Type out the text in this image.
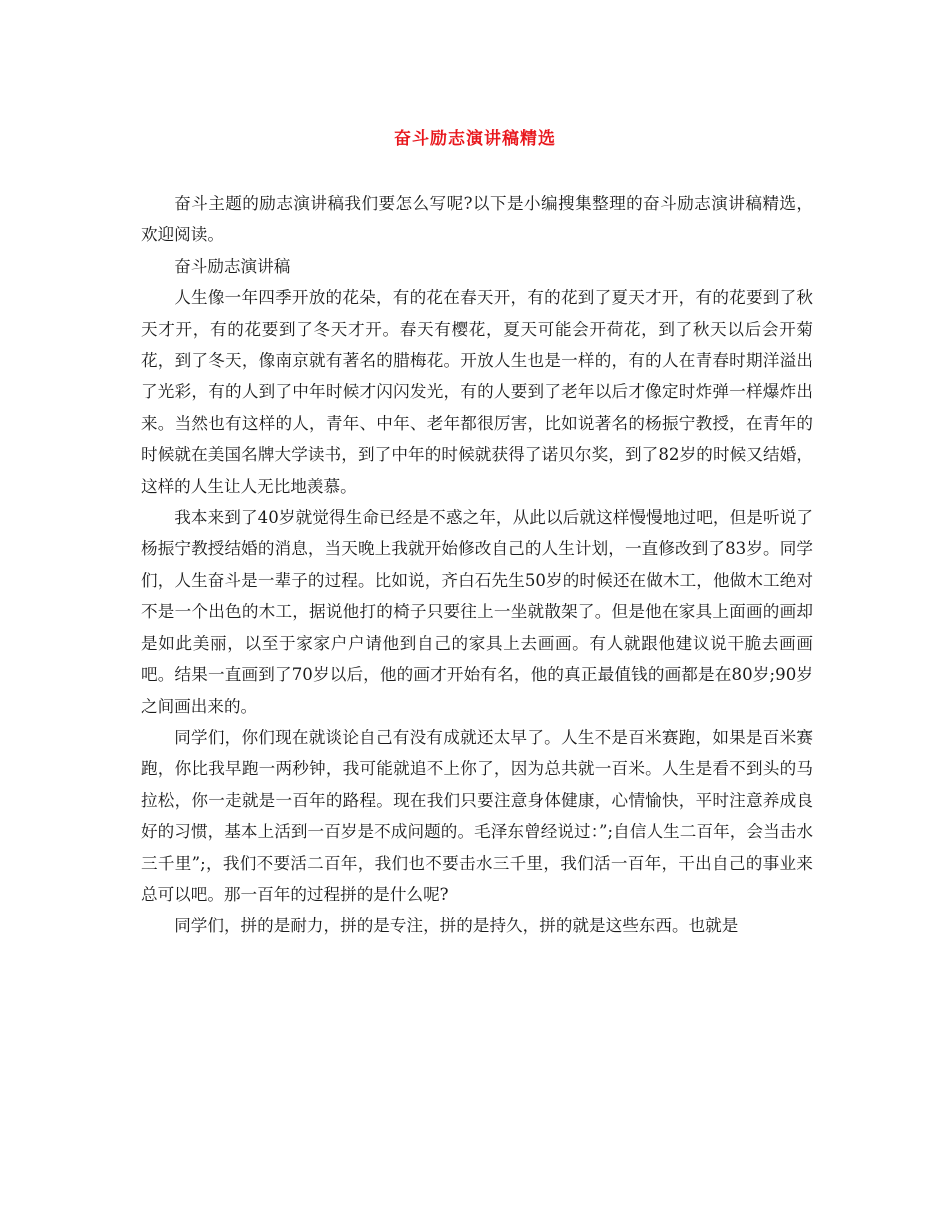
奋斗励志演讲稿精选

奋斗主题的励志演讲稿我们要怎么写呢?以下是小编搜集整理的奋斗励志演讲稿精选，欢迎阅读。

奋斗励志演讲稿

人生像一年四季开放的花朵，有的花在春天开，有的花到了夏天才开，有的花要到了秋天才开，有的花要到了冬天才开。春天有樱花，夏天可能会开荷花，到了秋天以后会开菊花，到了冬天，像南京就有著名的腊梅花。开放人生也是一样的，有的人在青春时期洋溢出了光彩，有的人到了中年时候才闪闪发光，有的人要到了老年以后才像定时炸弹一样爆炸出来。当然也有这样的人，青年、中年、老年都很厉害，比如说著名的杨振宁教授，在青年的时候就在美国名牌大学读书，到了中年的时候就获得了诺贝尔奖，到了82岁的时候又结婚，这样的人生让人无比地羡慕。

我本来到了40岁就觉得生命已经是不惑之年，从此以后就这样慢慢地过吧，但是听说了杨振宁教授结婚的消息，当天晚上我就开始修改自己的人生计划，一直修改到了83岁。同学们，人生奋斗是一辈子的过程。比如说，齐白石先生50岁的时候还在做木工，他做木工绝对不是一个出色的木工，据说他打的椅子只要往上一坐就散架了。但是他在家具上面画的画却是如此美丽，以至于家家户户请他到自己的家具上去画画。有人就跟他建议说干脆去画画吧。结果一直画到了70岁以后，他的画才开始有名，他的真正最值钱的画都是在80岁;90岁之间画出来的。

同学们，你们现在就谈论自己有没有成就还太早了。人生不是百米赛跑，如果是百米赛跑，你比我早跑一两秒钟，我可能就追不上你了，因为总共就一百米。人生是看不到头的马拉松，你一走就是一百年的路程。现在我们只要注意身体健康，心情愉快，平时注意养成良好的习惯，基本上活到一百岁是不成问题的。毛泽东曾经说过：”;自信人生二百年，会当击水三千里”;，我们不要活二百年，我们也不要击水三千里，我们活一百年，干出自己的事业来总可以吧。那一百年的过程拼的是什么呢?

同学们，拼的是耐力，拼的是专注，拼的是持久，拼的就是这些东西。也就是
